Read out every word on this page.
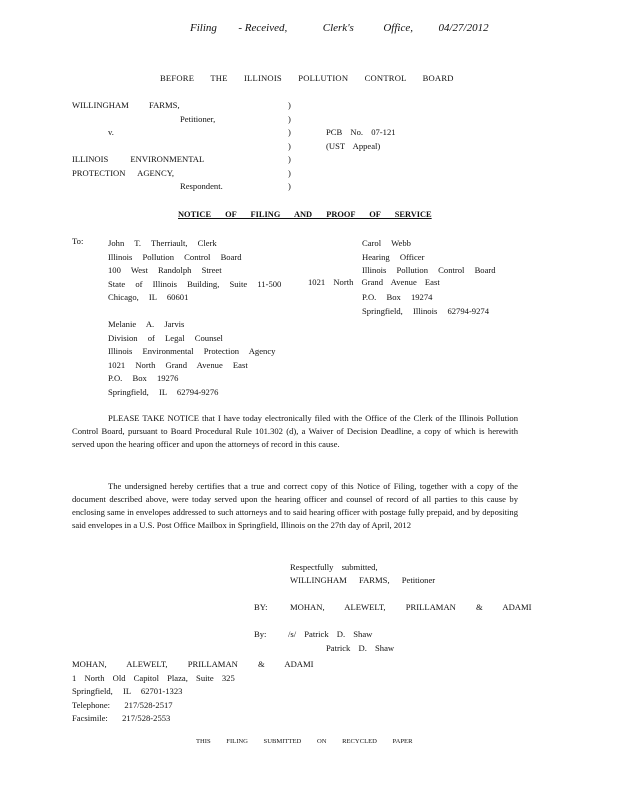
Filing - Received,	Clerk's	Office, 04/27/2012
BEFORE THE ILLINOIS POLLUTION CONTROL BOARD
WILLINGHAM FARMS,
Petitioner,
v.
ILLINOIS ENVIRONMENTAL
PROTECTION AGENCY,
Respondent.
)
)
)
)
)
)
)
PCB No. 07-121
(UST Appeal)
NOTICE OF FILING AND PROOF OF SERVICE
To:	John T. Therriault, Clerk
Illinois Pollution Control Board
100 West Randolph Street
State of Illinois Building, Suite 11-500
Chicago, IL 60601
1021 North Grand Avenue East
Carol Webb
Hearing Officer
Illinois Pollution Control Board
P.O. Box 19274
Springfield, Illinois 62794-9274
Melanie A. Jarvis
Division of Legal Counsel
Illinois Environmental Protection Agency
1021 North Grand Avenue East
P.O. Box 19276
Springfield, IL 62794-9276

PLEASE TAKE NOTICE that I have today electronically filed with the Office of the Clerk of the Illinois Pollution Control Board, pursuant to Board Procedural Rule 101.302 (d), a Waiver of Decision Deadline, a copy of which is herewith served upon the hearing officer and upon the attorneys of record in this cause.

The undersigned hereby certifies that a true and correct copy of this Notice of Filing, together with a copy of the document described above, were today served upon the hearing officer and counsel of record of all parties to this cause by enclosing same in envelopes addressed to such attorneys and to said hearing officer with postage fully prepaid, and by depositing said envelopes in a U.S. Post Office Mailbox in Springfield, Illinois on the 27th day of April, 2012

Respectfully submitted,
WILLINGHAM FARMS, Petitioner
BY:	MOHAN, ALEWELT, PRILLAMAN & ADAMI
By:	/s/ Patrick D. Shaw
Patrick D. Shaw
MOHAN, ALEWELT, PRILLAMAN & ADAMI
1 North Old Capitol Plaza, Suite 325
Springfield, IL 62701-1323
Telephone: 217/528-2517
Facsimile: 217/528-2553
THIS FILING SUBMITTED ON RECYCLED PAPER
